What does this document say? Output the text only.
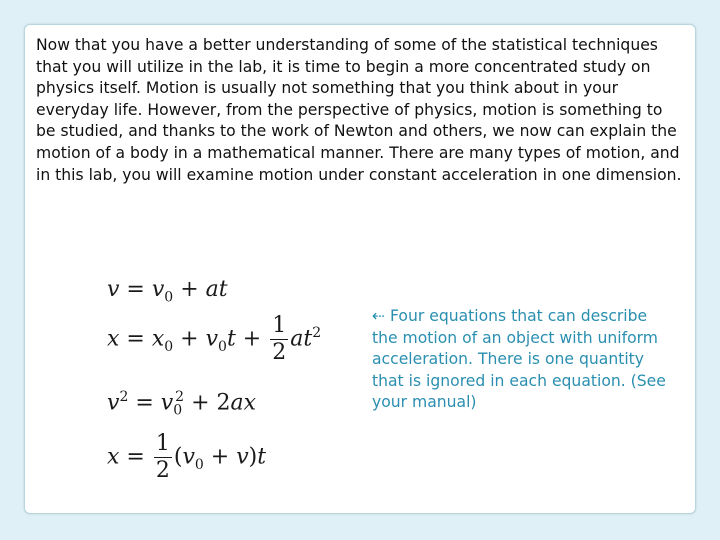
Now that you have a better understanding of some of the statistical techniques that you will utilize in the lab, it is time to begin a more concentrated study on physics itself. Motion is usually not something that you think about in your everyday life. However, from the perspective of physics, motion is something to be studied, and thanks to the work of Newton and others, we now can explain the motion of a body in a mathematical manner. There are many types of motion, and in this lab, you will examine motion under constant acceleration in one dimension.

$v = v_0$ + at
$x = x_0 + v_0t + \frac{1}{2} at^2$
$v^2 = v_0^2 + 2ax$
$x = \frac{1}{2} (v_0 + v)t$

⇠ Four equations that can describe the motion of an object with uniform acceleration. There is one quantity that is ignored in each equation. (See your manual)
